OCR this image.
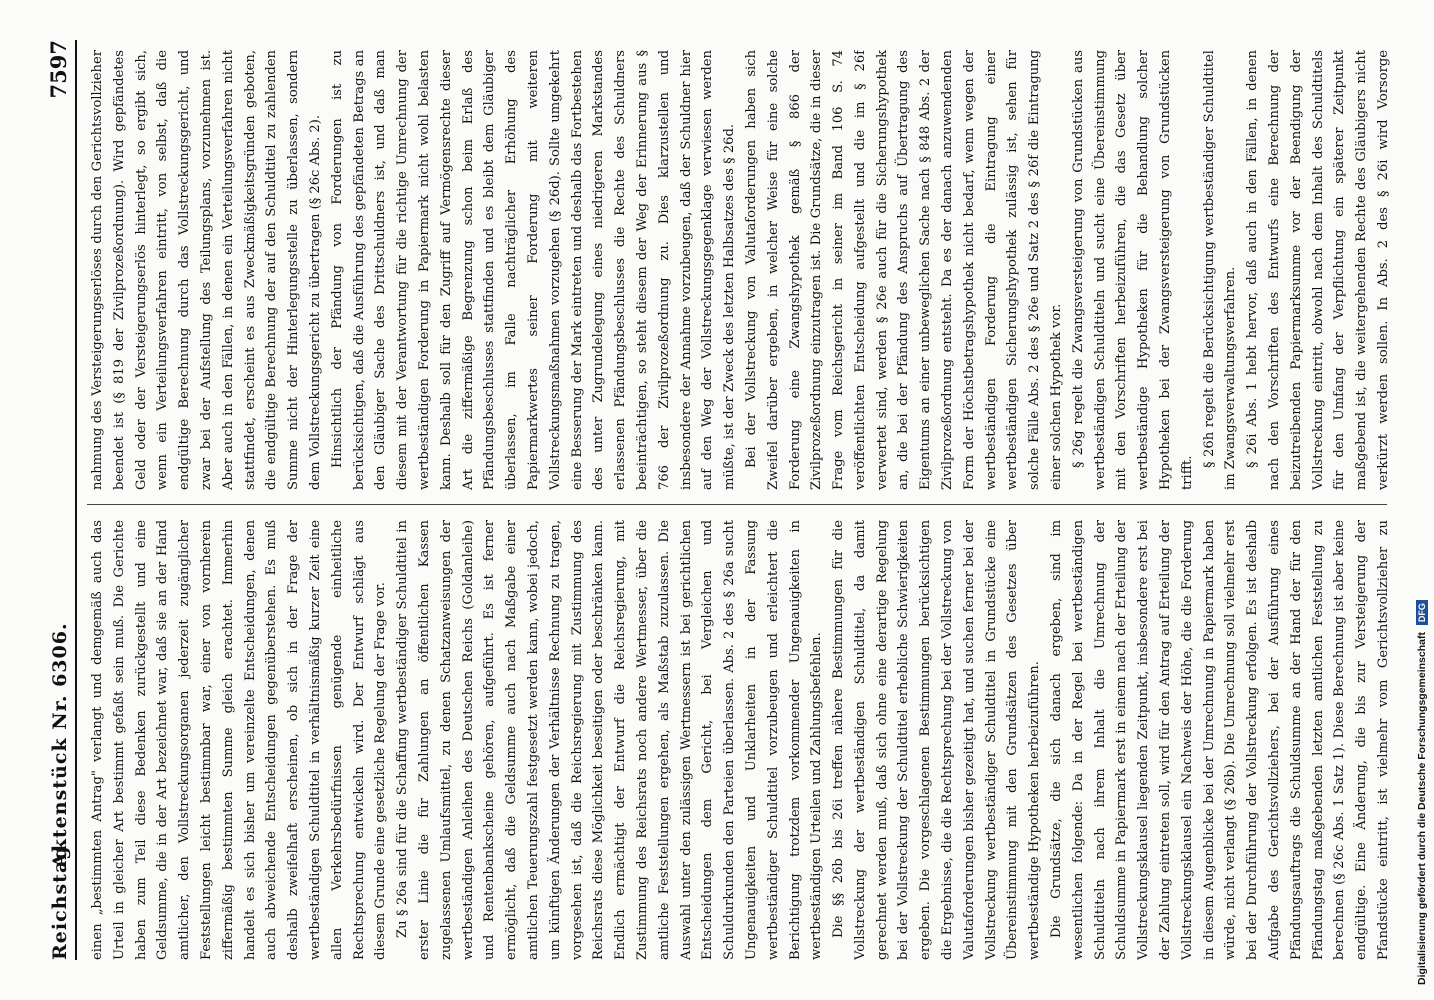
Reichstag.
Aktenstück Nr. 6306.
7597

einen „bestimmten Antrag" verlangt und demgemäß auch das Urteil in gleicher Art bestimmt gefaßt sein muß. Die Gerichte haben zum Teil diese Bedenken zurückgestellt und eine Geldsumme, die in der Art bezeichnet war, daß sie an der Hand amtlicher, den Vollstreckungsorganen jederzeit zugänglicher Feststellungen leicht bestimmbar war, einer von vornherein ziffermäßig bestimmten Summe gleich erachtet. Immerhin handelt es sich bisher um vereinzelte Entscheidungen, denen auch abweichende Entscheidungen gegenüberstehen. Es muß deshalb zweifelhaft erscheinen, ob sich in der Frage der wertbeständigen Schuldtitel in verhältnismäßig kurzer Zeit eine allen Verkehrsbedürfnissen genügende einheitliche Rechtsprechung entwickeln wird. Der Entwurf schlägt aus diesem Grunde eine gesetzliche Regelung der Frage vor. Zu § 26a sind für die Schaffung wertbeständiger Schuldtitel in erster Linie die für Zahlungen an öffentlichen Kassen zugelassenen Umlaufsmittel, zu denen Schatzanweisungen der wertbeständigen Anleihen des Deutschen Reichs (Goldanleihe) und Rentenbankscheine gehören, aufgeführt. Es ist ferner ermöglicht, daß die Geldsumme auch nach Maßgabe einer amtlichen Teuerungszahl festgesetzt werden kann, wobei jedoch, um künftigen Änderungen der Verhältnisse Rechnung zu tragen, vorgesehen ist, daß die Reichsregierung mit Zustimmung des Reichsrats diese Möglichkeit beseitigen oder beschränken kann. Endlich ermächtigt der Entwurf die Reichsregierung, mit Zustimmung des Reichsrats noch andere Wertmesser, über die amtliche Feststellungen ergehen, als Maßstab zuzulassen. Die Auswahl unter den zulässigen Wertmessern ist bei gerichtlichen Entscheidungen dem Gericht, bei Vergleichen und Schuldurkunden den Parteien überlassen. Abs. 2 des § 26a sucht Ungenauigkeiten und Unklarheiten in der Fassung wertbeständiger Schuldtitel vorzubeugen und erleichtert die Berichtigung trotzdem vorkommender Ungenauigkeiten in wertbeständigen Urteilen und Zahlungsbefehlen. Die §§ 26b bis 26i treffen nähere Bestimmungen für die Vollstreckung der wertbeständigen Schuldtitel, da damit gerechnet werden muß, daß sich ohne eine derartige Regelung bei der Vollstreckung der Schuldtitel erhebliche Schwierigkeiten ergeben. Die vorgeschlagenen Bestimmungen berücksichtigen die Ergebnisse, die die Rechtsprechung bei der Vollstreckung von Valutaforderungen bisher gezeitigt hat, und suchen ferner bei der Vollstreckung wertbeständiger Schuldtitel in Grundstücke eine Übereinstimmung mit den Grundsätzen des Gesetzes über wertbeständige Hypotheken herbeizuführen. Die Grundsätze, die sich danach ergeben, sind im wesentlichen folgende: Da in der Regel bei wertbeständigen Schuldtiteln nach ihrem Inhalt die Umrechnung der Schuldsumme in Papiermark erst in einem nach der Erteilung der Vollstreckungsklausel liegenden Zeitpunkt, insbesondere erst bei der Zahlung eintreten soll, wird für den Antrag auf Erteilung der Vollstreckungsklausel ein Nachweis der Höhe, die die Forderung in diesem Augenblicke bei der Umrechnung in Papiermark haben würde, nicht verlangt (§ 26b). Die Umrechnung soll vielmehr erst bei der Durchführung der Vollstreckung erfolgen. Es ist deshalb Aufgabe des Gerichtsvollziehers, bei der Ausführung eines Pfändungsauftrags die Schuldsumme an der Hand der für den Pfändungstag maßgebenden letzten amtlichen Feststellung zu berechnen (§ 26c Abs. 1 Satz 1). Diese Berechnung ist aber keine endgültige. Eine Änderung, die bis zur Versteigerung der Pfandstücke eintritt, ist vielmehr vom Gerichtsvollzieher zu

nahmung des Versteigerungserlöses durch den Gerichtsvollzieher beendet ist (§ 819 der Zivilprozeßordnung). Wird gepfändetes Geld oder der Versteigerungserlös hinterlegt, so ergibt sich, wenn ein Verteilungsverfahren eintritt, von selbst, daß die endgültige Berechnung durch das Vollstreckungsgericht, und zwar bei der Aufstellung des Teilungsplans, vorzunehmen ist. Aber auch in den Fällen, in denen ein Verteilungsverfahren nicht stattfindet, erscheint es aus Zweckmäßigkeitsgründen geboten, die endgültige Berechnung der auf den Schuldtitel zu zahlenden Summe nicht der Hinterlegungsstelle zu überlassen, sondern dem Vollstreckungsgericht zu übertragen (§ 26c Abs. 2). Hinsichtlich der Pfändung von Forderungen ist zu berücksichtigen, daß die Ausführung des gepfändeten Betrags an den Gläubiger Sache des Drittschuldners ist, und daß man diesem mit der Verantwortung für die richtige Umrechnung der wertbeständigen Forderung in Papiermark nicht wohl belasten kann. Deshalb soll für den Zugriff auf Vermögensrechte dieser Art die ziffermäßige Begrenzung schon beim Erlaß des Pfändungsbeschlusses stattfinden und es bleibt dem Gläubiger überlassen, im Falle nachträglicher Erhöhung des Papiermarkwertes seiner Forderung mit weiteren Vollstreckungsmaßnahmen vorzugehen (§ 26d). Sollte umgekehrt eine Besserung der Mark eintreten und deshalb das Fortbestehen des unter Zugrundelegung eines niedrigeren Markstandes erlassenen Pfändungsbeschlusses die Rechte des Schuldners beeinträchtigen, so steht diesem der Weg der Erinnerung aus § 766 der Zivilprozeßordnung zu. Dies klarzustellen und insbesondere der Annahme vorzubeugen, daß der Schuldner hier auf den Weg der Vollstreckungsgegenklage verwiesen werden müßte, ist der Zweck des letzten Halbsatzes des § 26d. Bei der Vollstreckung von Valutaforderungen haben sich Zweifel darüber ergeben, in welcher Weise für eine solche Forderung eine Zwangshypothek gemäß § 866 der Zivilprozeßordnung einzutragen ist. Die Grundsätze, die in dieser Frage vom Reichsgericht in seiner im Band 106 S. 74 veröffentlichten Entscheidung aufgestellt und die im § 26f verwertet sind, werden § 26e auch für die Sicherungshypothek an, die bei der Pfändung des Anspruchs auf Übertragung des Eigentums an einer unbeweglichen Sache nach § 848 Abs. 2 der Zivilprozeßordnung entsteht. Da es der danach anzuwendenden Form der Höchstbetragshypothek nicht bedarf, wenn wegen der wertbeständigen Forderung die Eintragung einer wertbeständigen Sicherungshypothek zulässig ist, sehen für solche Fälle Abs. 2 des § 26e und Satz 2 des § 26f die Eintragung einer solchen Hypothek vor. § 26g regelt die Zwangsversteigerung von Grundstücken aus wertbeständigen Schuldtiteln und sucht eine Übereinstimmung mit den Vorschriften herbeizuführen, die das Gesetz über wertbeständige Hypotheken für die Behandlung solcher Hypotheken bei der Zwangsversteigerung von Grundstücken trifft.

§ 26h regelt die Berücksichtigung wertbeständiger Schuldtitel im Zwangsverwaltungsverfahren. § 26i Abs. 1 hebt hervor, daß auch in den Fällen, in denen nach den Vorschriften des Entwurfs eine Berechnung der beizutreibenden Papiermarksumme vor der Beendigung der Vollstreckung eintritt, obwohl nach dem Inhalt des Schuldtitels für den Umfang der Verpflichtung ein späterer Zeitpunkt maßgebend ist, die weitergehenden Rechte des Gläubigers nicht verkürzt werden sollen. In Abs. 2 des § 26i wird Vorsorge

Digitalisierung gefördert durch die Deutsche Forschungsgemeinschaft DFG
